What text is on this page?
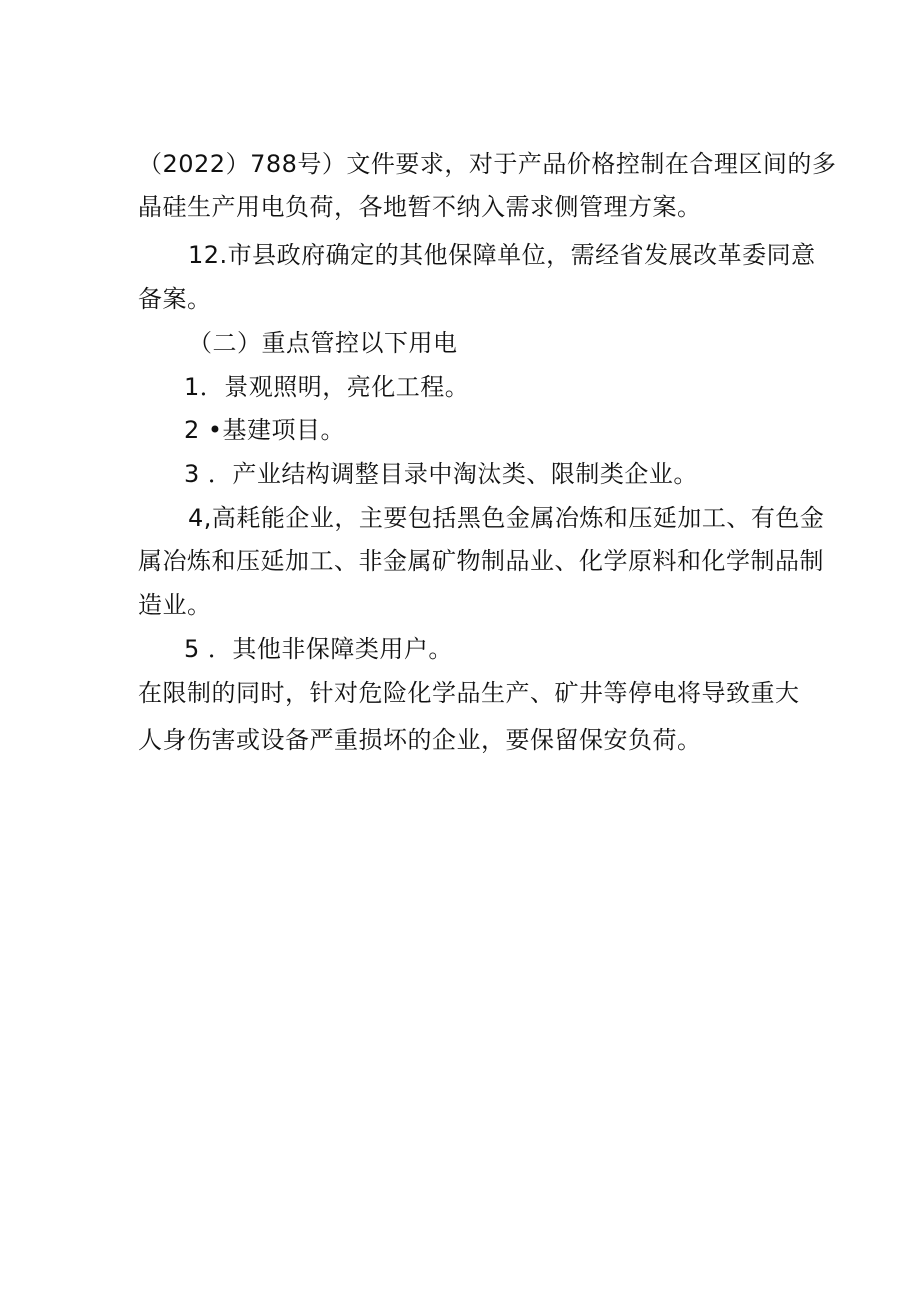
（2022）788号）文件要求，对于产品价格控制在合理区间的多
晶硅生产用电负荷，各地暂不纳入需求侧管理方案。
12.市县政府确定的其他保障单位，需经省发展改革委同意
备案。
（二）重点管控以下用电
1．景观照明，亮化工程。
2 •基建项目。
3 ．产业结构调整目录中淘汰类、限制类企业。
4,高耗能企业，主要包括黑色金属冶炼和压延加工、有色金
属冶炼和压延加工、非金属矿物制品业、化学原料和化学制品制
造业。
5 ．其他非保障类用户。
在限制的同时，针对危险化学品生产、矿井等停电将导致重大
人身伤害或设备严重损坏的企业，要保留保安负荷。
